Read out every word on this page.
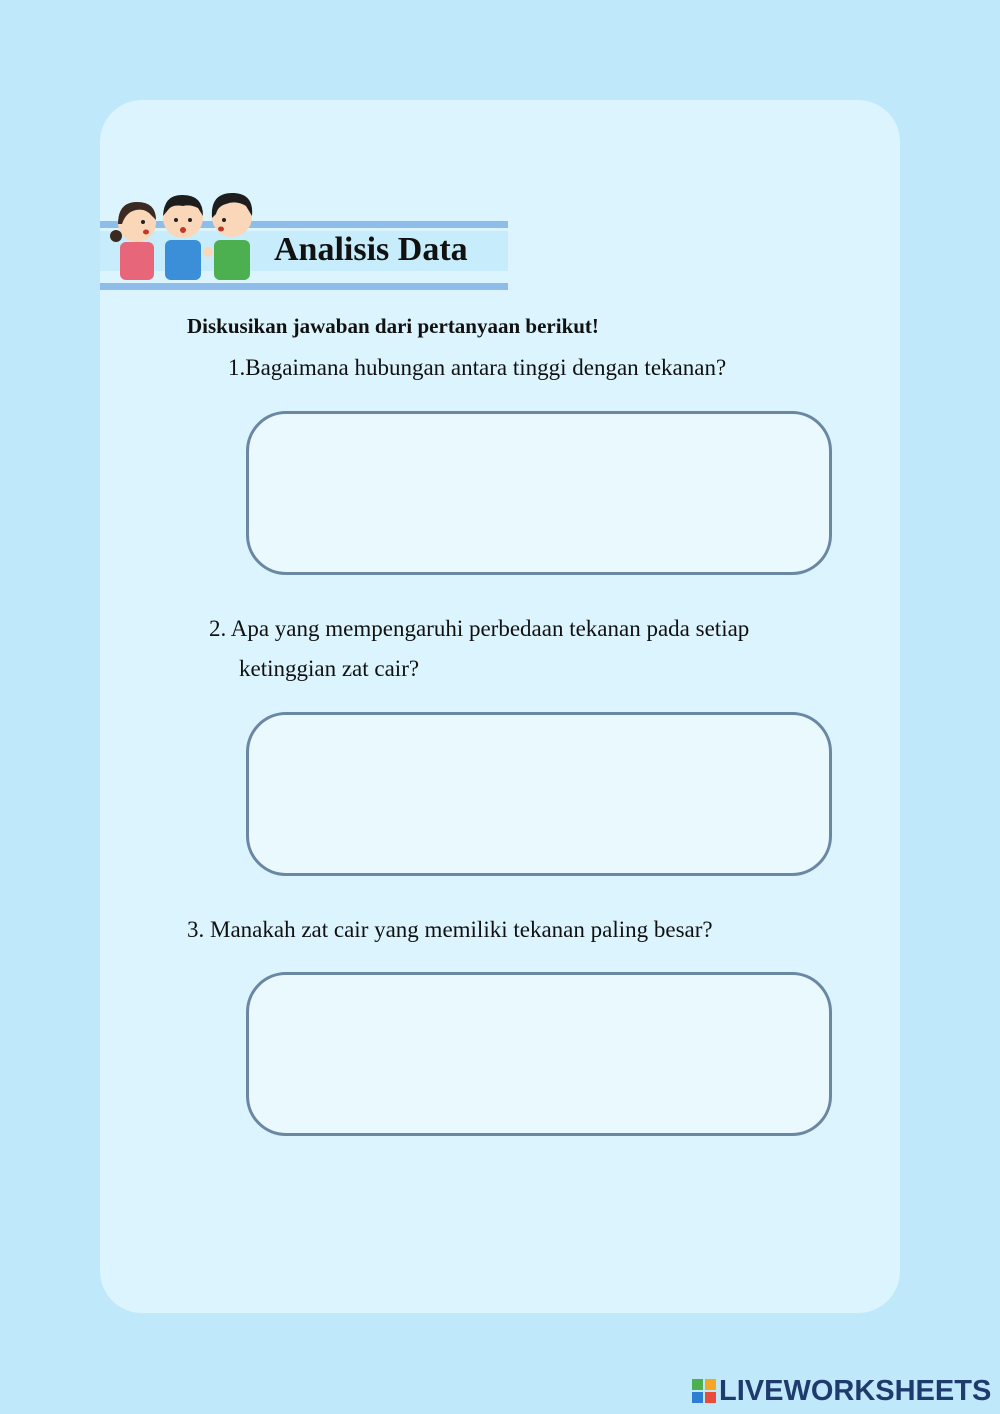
Analisis Data
Diskusikan jawaban dari pertanyaan berikut!
1.Bagaimana hubungan antara tinggi dengan tekanan?
2. Apa yang mempengaruhi perbedaan tekanan pada setiap
ketinggian zat cair?
3. Manakah zat cair yang memiliki tekanan paling besar?
LIVEWORKSHEETS
